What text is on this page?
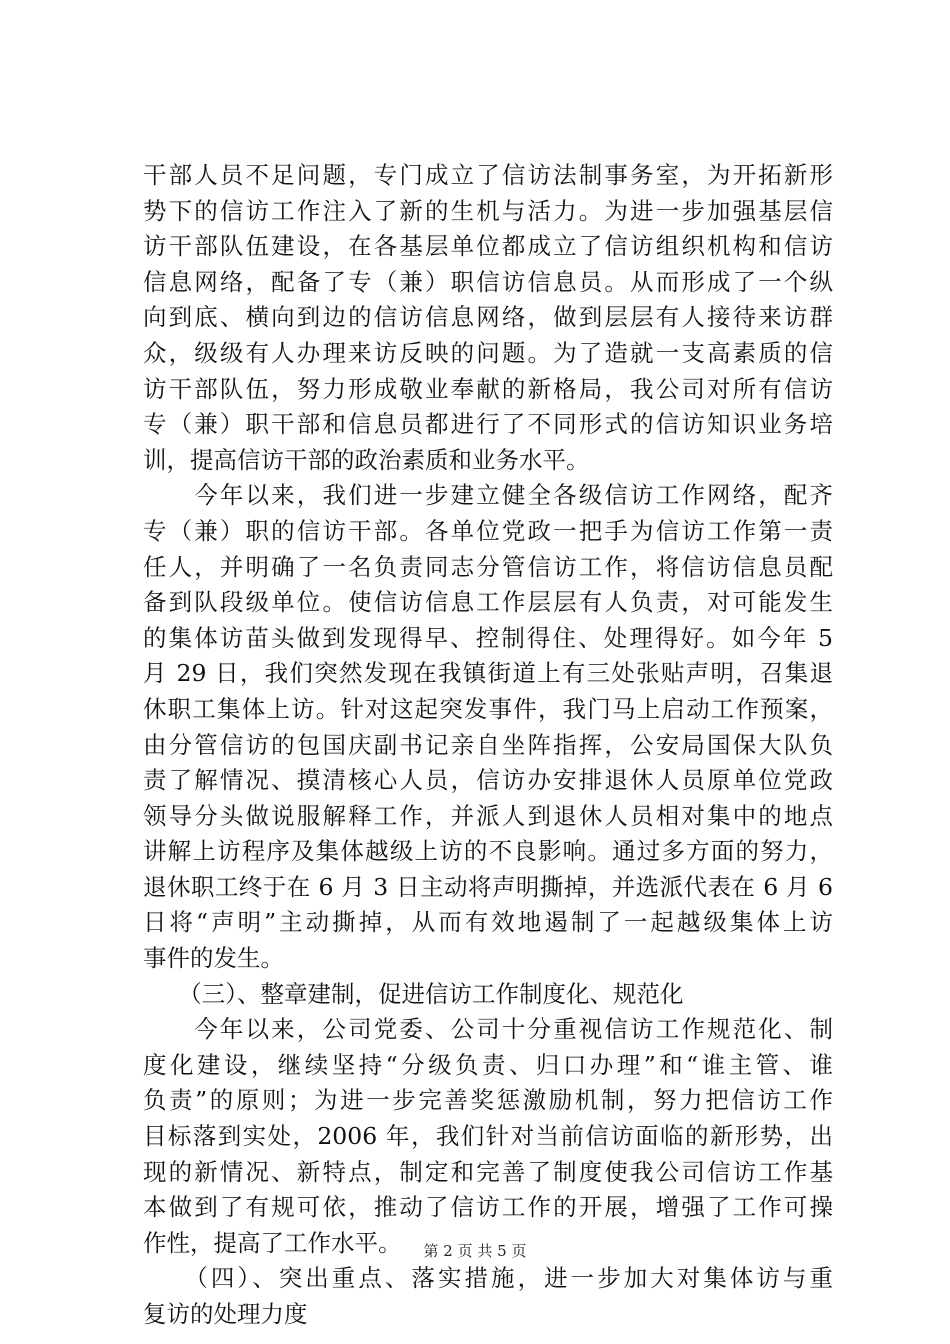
干部人员不足问题，专门成立了信访法制事务室，为开拓新形
势下的信访工作注入了新的生机与活力。为进一步加强基层信
访干部队伍建设，在各基层单位都成立了信访组织机构和信访
信息网络，配备了专（兼）职信访信息员。从而形成了一个纵
向到底、横向到边的信访信息网络，做到层层有人接待来访群
众，级级有人办理来访反映的问题。为了造就一支高素质的信
访干部队伍，努力形成敬业奉献的新格局，我公司对所有信访
专（兼）职干部和信息员都进行了不同形式的信访知识业务培
训，提高信访干部的政治素质和业务水平。
　　今年以来，我们进一步建立健全各级信访工作网络，配齐
专（兼）职的信访干部。各单位党政一把手为信访工作第一责
任人，并明确了一名负责同志分管信访工作，将信访信息员配
备到队段级单位。使信访信息工作层层有人负责，对可能发生
的集体访苗头做到发现得早、控制得住、处理得好。如今年 5
月 29 日，我们突然发现在我镇街道上有三处张贴声明，召集退
休职工集体上访。针对这起突发事件，我门马上启动工作预案，
由分管信访的包国庆副书记亲自坐阵指挥，公安局国保大队负
责了解情况、摸清核心人员，信访办安排退休人员原单位党政
领导分头做说服解释工作，并派人到退休人员相对集中的地点
讲解上访程序及集体越级上访的不良影响。通过多方面的努力，
退休职工终于在 6 月 3 日主动将声明撕掉，并选派代表在 6 月 6
日将“声明”主动撕掉，从而有效地遏制了一起越级集体上访
事件的发生。
　　（三）、整章建制，促进信访工作制度化、规范化
　　今年以来，公司党委、公司十分重视信访工作规范化、制
度化建设，继续坚持“分级负责、归口办理”和“谁主管、谁
负责”的原则；为进一步完善奖惩激励机制，努力把信访工作
目标落到实处，2006 年，我们针对当前信访面临的新形势，出
现的新情况、新特点，制定和完善了制度使我公司信访工作基
本做到了有规可依，推动了信访工作的开展，增强了工作可操
作性，提高了工作水平。
　　（四）、突出重点、落实措施，进一步加大对集体访与重
复访的处理力度
第 2 页 共 5 页
